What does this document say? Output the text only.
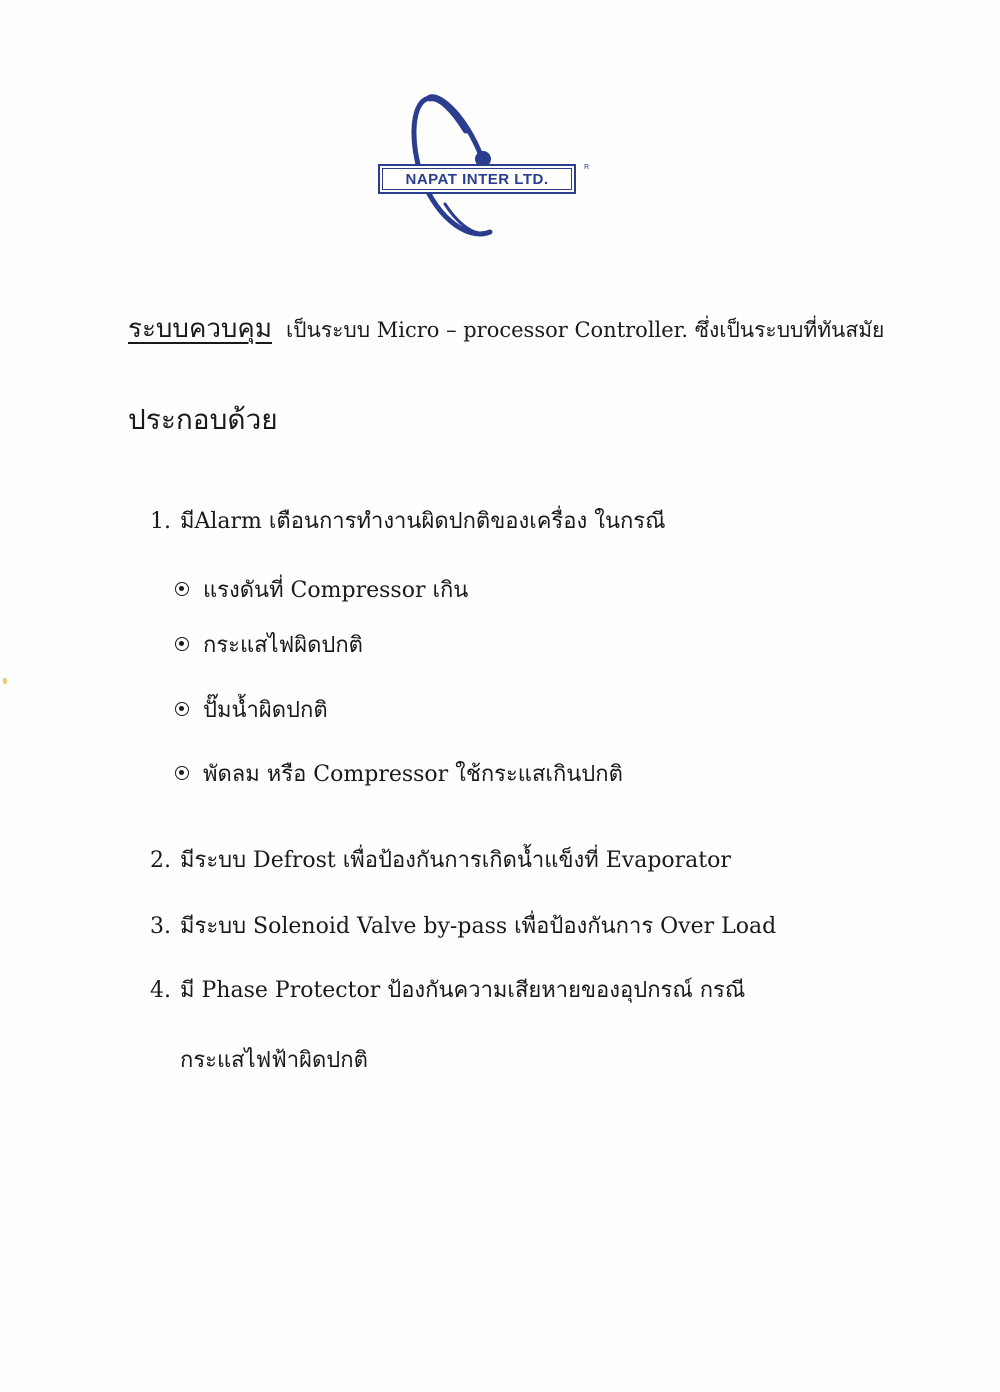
NAPAT INTER LTD.
R
ระบบควบคุม เป็นระบบ Micro – processor Controller. ซึ่งเป็นระบบที่ทันสมัย
ประกอบด้วย
1. มีAlarm เตือนการทำงานผิดปกติของเครื่อง ในกรณี
แรงดันที่ Compressor เกิน
กระแสไฟผิดปกติ
ปั๊มน้ำผิดปกติ
พัดลม หรือ Compressor ใช้กระแสเกินปกติ
2. มีระบบ Defrost เพื่อป้องกันการเกิดน้ำแข็งที่ Evaporator
3. มีระบบ Solenoid Valve by-pass เพื่อป้องกันการ Over Load
4. มี Phase Protector ป้องกันความเสียหายของอุปกรณ์ กรณี
กระแสไฟฟ้าผิดปกติ
